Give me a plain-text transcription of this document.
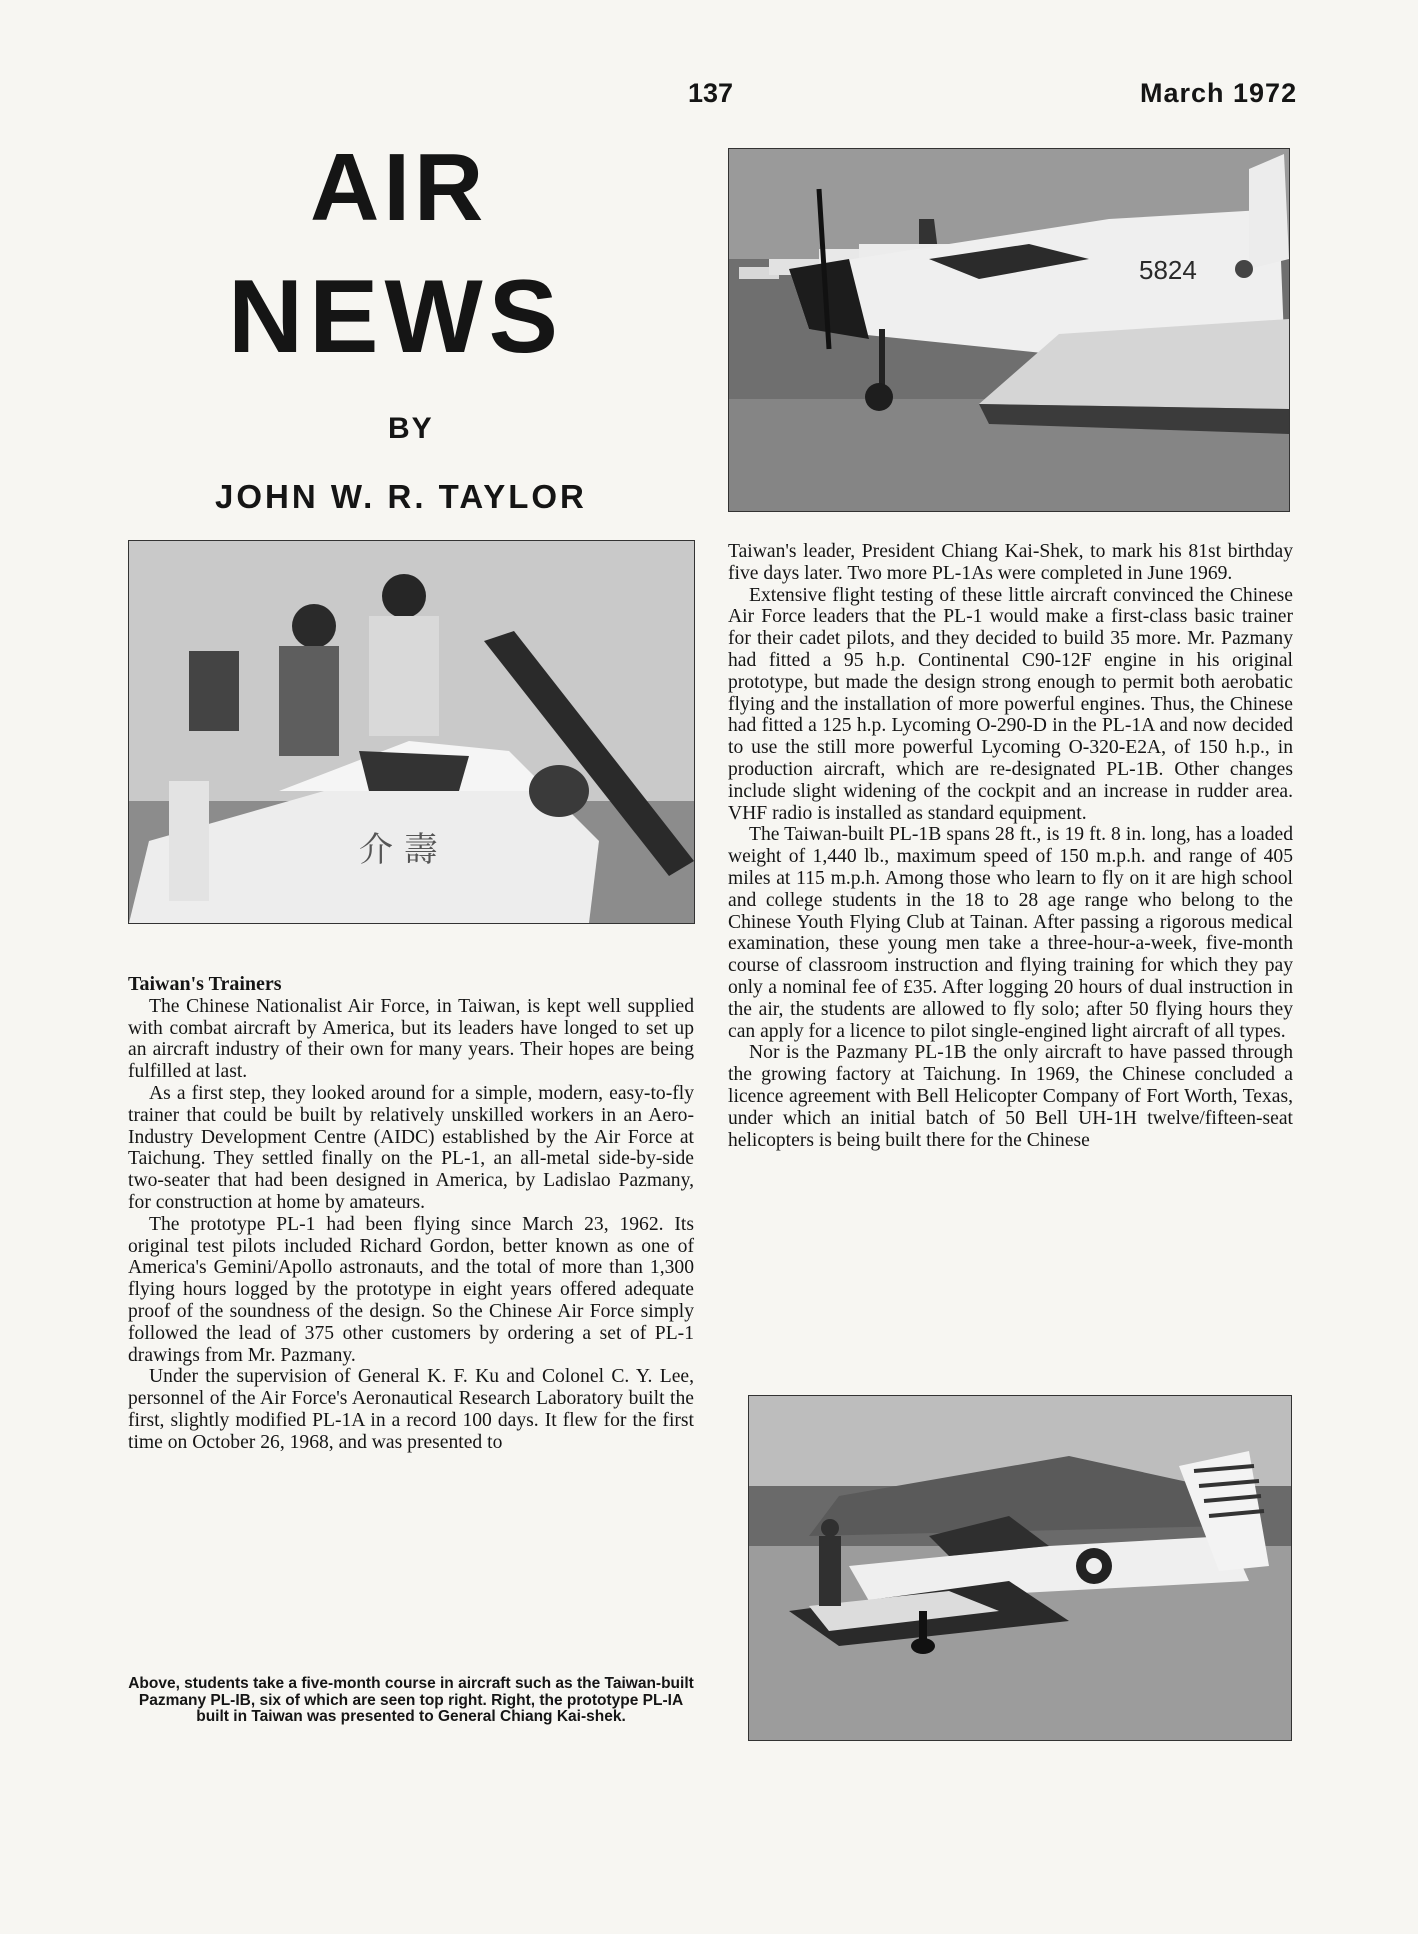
137	March 1972
AIR
NEWS
BY
JOHN W. R. TAYLOR
5824
介 壽

Taiwan's Trainers

The Chinese Nationalist Air Force, in Taiwan, is kept well supplied with combat aircraft by America, but its leaders have longed to set up an aircraft industry of their own for many years. Their hopes are being fulfilled at last.

As a first step, they looked around for a simple, modern, easy-to-fly trainer that could be built by relatively unskilled workers in an Aero-Industry Development Centre (AIDC) established by the Air Force at Taichung. They settled finally on the PL-1, an all-metal side-by-side two-seater that had been designed in America, by Ladislao Pazmany, for construction at home by amateurs.

The prototype PL-1 had been flying since March 23, 1962. Its original test pilots included Richard Gordon, better known as one of America's Gemini/Apollo astronauts, and the total of more than 1,300 flying hours logged by the prototype in eight years offered adequate proof of the soundness of the design. So the Chinese Air Force simply followed the lead of 375 other customers by ordering a set of PL-1 drawings from Mr. Pazmany.

Under the supervision of General K. F. Ku and Colonel C. Y. Lee, personnel of the Air Force's Aeronautical Research Laboratory built the first, slightly modified PL-1A in a record 100 days. It flew for the first time on October 26, 1968, and was presented to

Taiwan's leader, President Chiang Kai-Shek, to mark his 81st birthday five days later. Two more PL-1As were completed in June 1969.

Extensive flight testing of these little aircraft convinced the Chinese Air Force leaders that the PL-1 would make a first-class basic trainer for their cadet pilots, and they decided to build 35 more. Mr. Pazmany had fitted a 95 h.p. Continental C90-12F engine in his original prototype, but made the design strong enough to permit both aerobatic flying and the installation of more powerful engines. Thus, the Chinese had fitted a 125 h.p. Lycoming O-290-D in the PL-1A and now decided to use the still more powerful Lycoming O-320-E2A, of 150 h.p., in production aircraft, which are re-designated PL-1B. Other changes include slight widening of the cockpit and an increase in rudder area. VHF radio is installed as standard equipment.

The Taiwan-built PL-1B spans 28 ft., is 19 ft. 8 in. long, has a loaded weight of 1,440 lb., maximum speed of 150 m.p.h. and range of 405 miles at 115 m.p.h. Among those who learn to fly on it are high school and college students in the 18 to 28 age range who belong to the Chinese Youth Flying Club at Tainan. After passing a rigorous medical examination, these young men take a three-hour-a-week, five-month course of classroom instruction and flying training for which they pay only a nominal fee of £35. After logging 20 hours of dual instruction in the air, the students are allowed to fly solo; after 50 flying hours they can apply for a licence to pilot single-engined light aircraft of all types.

Nor is the Pazmany PL-1B the only aircraft to have passed through the growing factory at Taichung. In 1969, the Chinese concluded a licence agreement with Bell Helicopter Company of Fort Worth, Texas, under which an initial batch of 50 Bell UH-1H twelve/fifteen-seat helicopters is being built there for the Chinese

Above, students take a five-month course in aircraft such as the Taiwan-built Pazmany PL-IB, six of which are seen top right. Right, the prototype PL-IA built in Taiwan was presented to General Chiang Kai-shek.
